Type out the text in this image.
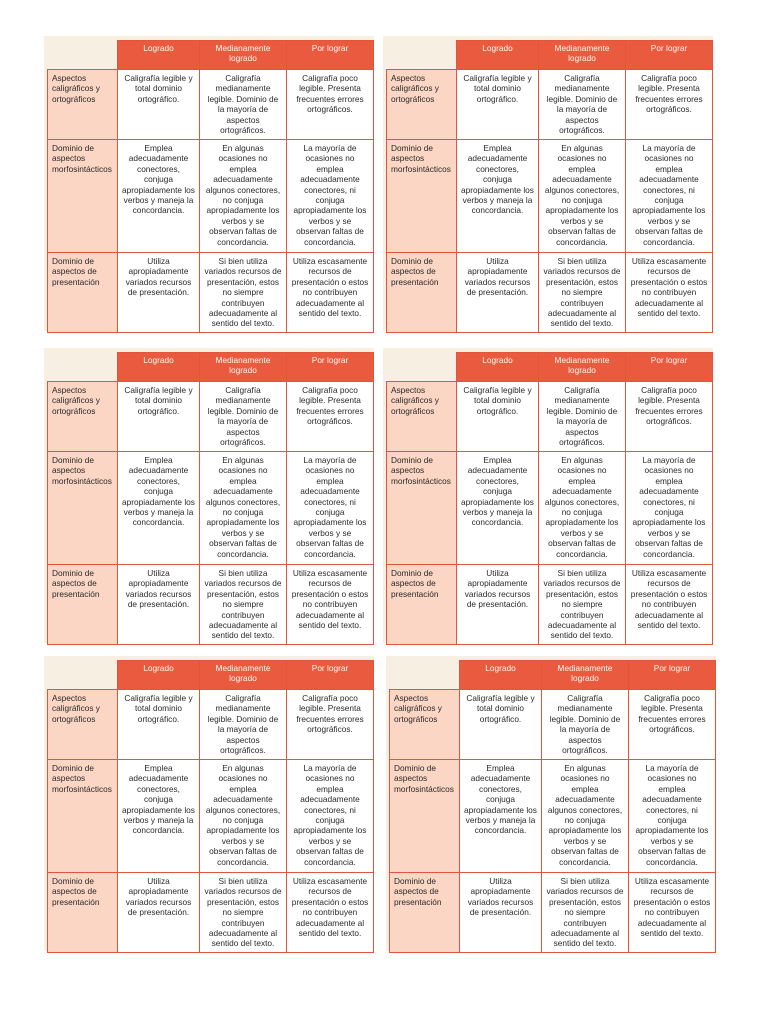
	Logrado	Medianamente logrado	Por lograr
Aspectos caligráficos y ortográficos	Caligrafía legible y total dominio ortográfico.	Caligrafía medianamente legible. Dominio de la mayoría de aspectos ortográficos.	Caligrafía poco legible. Presenta frecuentes errores ortográficos.
Dominio de aspectos morfosintácticos	Emplea adecuadamente conectores, conjuga apropiadamente los verbos y maneja la concordancia.	En algunas ocasiones no emplea adecuadamente algunos conectores, no conjuga apropiadamente los verbos y se observan faltas de concordancia.	La mayoría de ocasiones no emplea adecuadamente conectores, ni conjuga apropiadamente los verbos y se observan faltas de concordancia.
Dominio de aspectos de presentación	Utiliza apropiadamente variados recursos de presentación.	Si bien utiliza variados recursos de presentación, estos no siempre contribuyen adecuadamente al sentido del texto.	Utiliza escasamente recursos de presentación o estos no contribuyen adecuadamente al sentido del texto.
	Logrado	Medianamente logrado	Por lograr
Aspectos caligráficos y ortográficos	Caligrafía legible y total dominio ortográfico.	Caligrafía medianamente legible. Dominio de la mayoría de aspectos ortográficos.	Caligrafía poco legible. Presenta frecuentes errores ortográficos.
Dominio de aspectos morfosintácticos	Emplea adecuadamente conectores, conjuga apropiadamente los verbos y maneja la concordancia.	En algunas ocasiones no emplea adecuadamente algunos conectores, no conjuga apropiadamente los verbos y se observan faltas de concordancia.	La mayoría de ocasiones no emplea adecuadamente conectores, ni conjuga apropiadamente los verbos y se observan faltas de concordancia.
Dominio de aspectos de presentación	Utiliza apropiadamente variados recursos de presentación.	Si bien utiliza variados recursos de presentación, estos no siempre contribuyen adecuadamente al sentido del texto.	Utiliza escasamente recursos de presentación o estos no contribuyen adecuadamente al sentido del texto.
	Logrado	Medianamente logrado	Por lograr
Aspectos caligráficos y ortográficos	Caligrafía legible y total dominio ortográfico.	Caligrafía medianamente legible. Dominio de la mayoría de aspectos ortográficos.	Caligrafía poco legible. Presenta frecuentes errores ortográficos.
Dominio de aspectos morfosintácticos	Emplea adecuadamente conectores, conjuga apropiadamente los verbos y maneja la concordancia.	En algunas ocasiones no emplea adecuadamente algunos conectores, no conjuga apropiadamente los verbos y se observan faltas de concordancia.	La mayoría de ocasiones no emplea adecuadamente conectores, ni conjuga apropiadamente los verbos y se observan faltas de concordancia.
Dominio de aspectos de presentación	Utiliza apropiadamente variados recursos de presentación.	Si bien utiliza variados recursos de presentación, estos no siempre contribuyen adecuadamente al sentido del texto.	Utiliza escasamente recursos de presentación o estos no contribuyen adecuadamente al sentido del texto.
	Logrado	Medianamente logrado	Por lograr
Aspectos caligráficos y ortográficos	Caligrafía legible y total dominio ortográfico.	Caligrafía medianamente legible. Dominio de la mayoría de aspectos ortográficos.	Caligrafía poco legible. Presenta frecuentes errores ortográficos.
Dominio de aspectos morfosintácticos	Emplea adecuadamente conectores, conjuga apropiadamente los verbos y maneja la concordancia.	En algunas ocasiones no emplea adecuadamente algunos conectores, no conjuga apropiadamente los verbos y se observan faltas de concordancia.	La mayoría de ocasiones no emplea adecuadamente conectores, ni conjuga apropiadamente los verbos y se observan faltas de concordancia.
Dominio de aspectos de presentación	Utiliza apropiadamente variados recursos de presentación.	Si bien utiliza variados recursos de presentación, estos no siempre contribuyen adecuadamente al sentido del texto.	Utiliza escasamente recursos de presentación o estos no contribuyen adecuadamente al sentido del texto.
	Logrado	Medianamente logrado	Por lograr
Aspectos caligráficos y ortográficos	Caligrafía legible y total dominio ortográfico.	Caligrafía medianamente legible. Dominio de la mayoría de aspectos ortográficos.	Caligrafía poco legible. Presenta frecuentes errores ortográficos.
Dominio de aspectos morfosintácticos	Emplea adecuadamente conectores, conjuga apropiadamente los verbos y maneja la concordancia.	En algunas ocasiones no emplea adecuadamente algunos conectores, no conjuga apropiadamente los verbos y se observan faltas de concordancia.	La mayoría de ocasiones no emplea adecuadamente conectores, ni conjuga apropiadamente los verbos y se observan faltas de concordancia.
Dominio de aspectos de presentación	Utiliza apropiadamente variados recursos de presentación.	Si bien utiliza variados recursos de presentación, estos no siempre contribuyen adecuadamente al sentido del texto.	Utiliza escasamente recursos de presentación o estos no contribuyen adecuadamente al sentido del texto.
	Logrado	Medianamente logrado	Por lograr
Aspectos caligráficos y ortográficos	Caligrafía legible y total dominio ortográfico.	Caligrafía medianamente legible. Dominio de la mayoría de aspectos ortográficos.	Caligrafía poco legible. Presenta frecuentes errores ortográficos.
Dominio de aspectos morfosintácticos	Emplea adecuadamente conectores, conjuga apropiadamente los verbos y maneja la concordancia.	En algunas ocasiones no emplea adecuadamente algunos conectores, no conjuga apropiadamente los verbos y se observan faltas de concordancia.	La mayoría de ocasiones no emplea adecuadamente conectores, ni conjuga apropiadamente los verbos y se observan faltas de concordancia.
Dominio de aspectos de presentación	Utiliza apropiadamente variados recursos de presentación.	Si bien utiliza variados recursos de presentación, estos no siempre contribuyen adecuadamente al sentido del texto.	Utiliza escasamente recursos de presentación o estos no contribuyen adecuadamente al sentido del texto.
